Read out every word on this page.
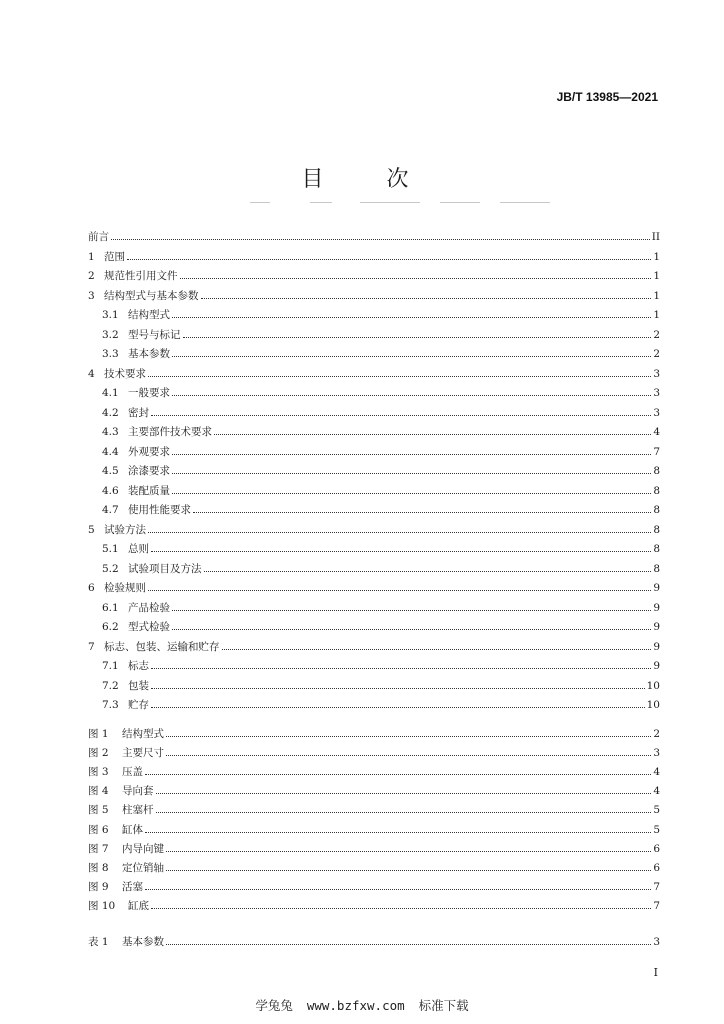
JB/T 13985—2021
目 次
前言	II
1 范围	1
2 规范性引用文件	1
3 结构型式与基本参数	1
3.1 结构型式	1
3.2 型号与标记	2
3.3 基本参数	2
4 技术要求	3
4.1 一般要求	3
4.2 密封	3
4.3 主要部件技术要求	4
4.4 外观要求	7
4.5 涂漆要求	8
4.6 装配质量	8
4.7 使用性能要求	8
5 试验方法	8
5.1 总则	8
5.2 试验项目及方法	8
6 检验规则	9
6.1 产品检验	9
6.2 型式检验	9
7 标志、包装、运输和贮存	9
7.1 标志	9
7.2 包装	10
7.3 贮存	10
图 1	结构型式	2
图 2	主要尺寸	3
图 3	压盖	4
图 4	导向套	4
图 5	柱塞杆	5
图 6	缸体	5
图 7	内导向键	6
图 8	定位销轴	6
图 9	活塞	7
图 10	缸底	7
表 1	基本参数	3
I
学兔兔 www.bzfxw.com 标准下载
